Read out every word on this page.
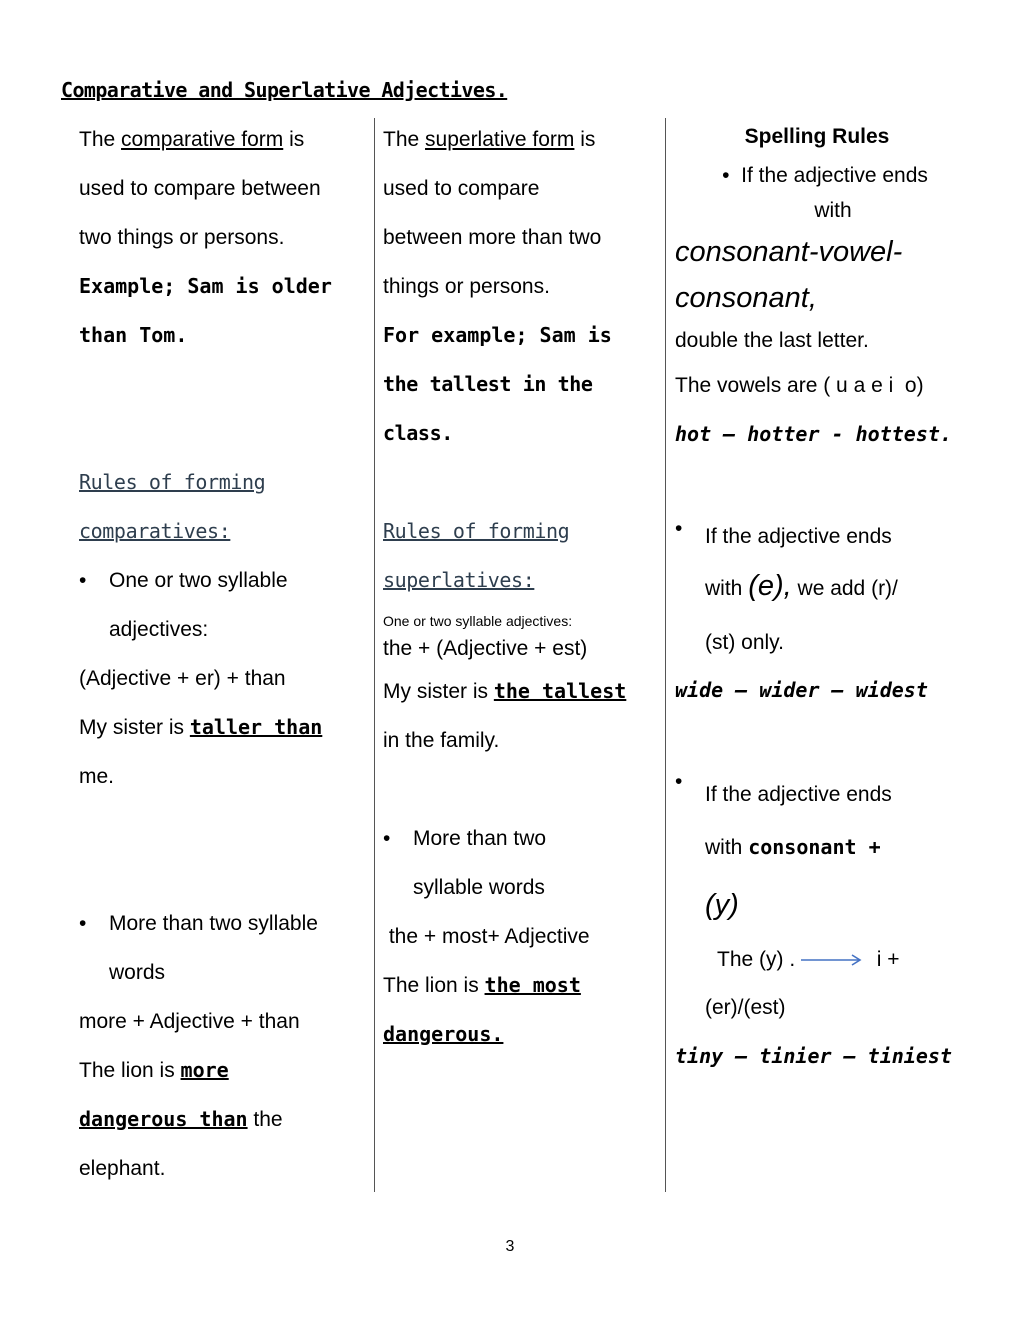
Comparative and Superlative Adjectives.

The comparative form is

used to compare between

two things or persons.

Example; Sam is older

than Tom.

Rules of forming

comparatives:

• One or two syllable
adjectives:

(Adjective + er) + than

My sister is taller than

me.

• More than two syllable
words

more + Adjective + than

The lion is more

dangerous than the

elephant.

The superlative form is

used to compare

between more than two

things or persons.

For example; Sam is

the tallest in the class.

Rules of forming

superlatives:

One or two syllable adjectives:

the + (Adjective + est)

My sister is the tallest

in the family.

• More than two
syllable words

the + most+ Adjective

The lion is the most

dangerous.

Spelling Rules

•  If the adjective ends

with

consonant-vowel-

consonant,

double the last letter.

The vowels are ( u a e i  o)

hot – hotter - hottest.

• If the adjective ends

with (e), we add (r)/

(st) only.

wide – wider – widest

• If the adjective ends

with consonant +

(y)

The (y) .	i +

(er)/(est)

tiny – tinier – tiniest

3
